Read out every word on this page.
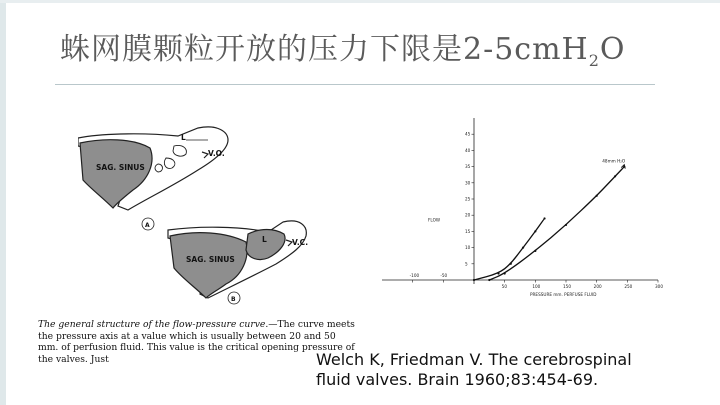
蛛网膜颗粒开放的压力下限是2-5cmH$_2$O
SAG. SINUS
L
V.O.
A
SAG. SINUS
L	V.C.
B
The general structure of the flow-pressure curve.—The curve meets the pressure axis at a value which is usually between 20 and 50 mm. of perfusion fluid. This value is the critical opening pressure of the valves. Just
-100	-50
50	100	150	200	250	300
5
10
15
20
25
30
35
40
45
FLOW
PRESSURE mm. PERFUSE FLUID
48mm H₂O
Welch K, Friedman V. The cerebrospinal
fluid valves. Brain 1960;83:454-69.
